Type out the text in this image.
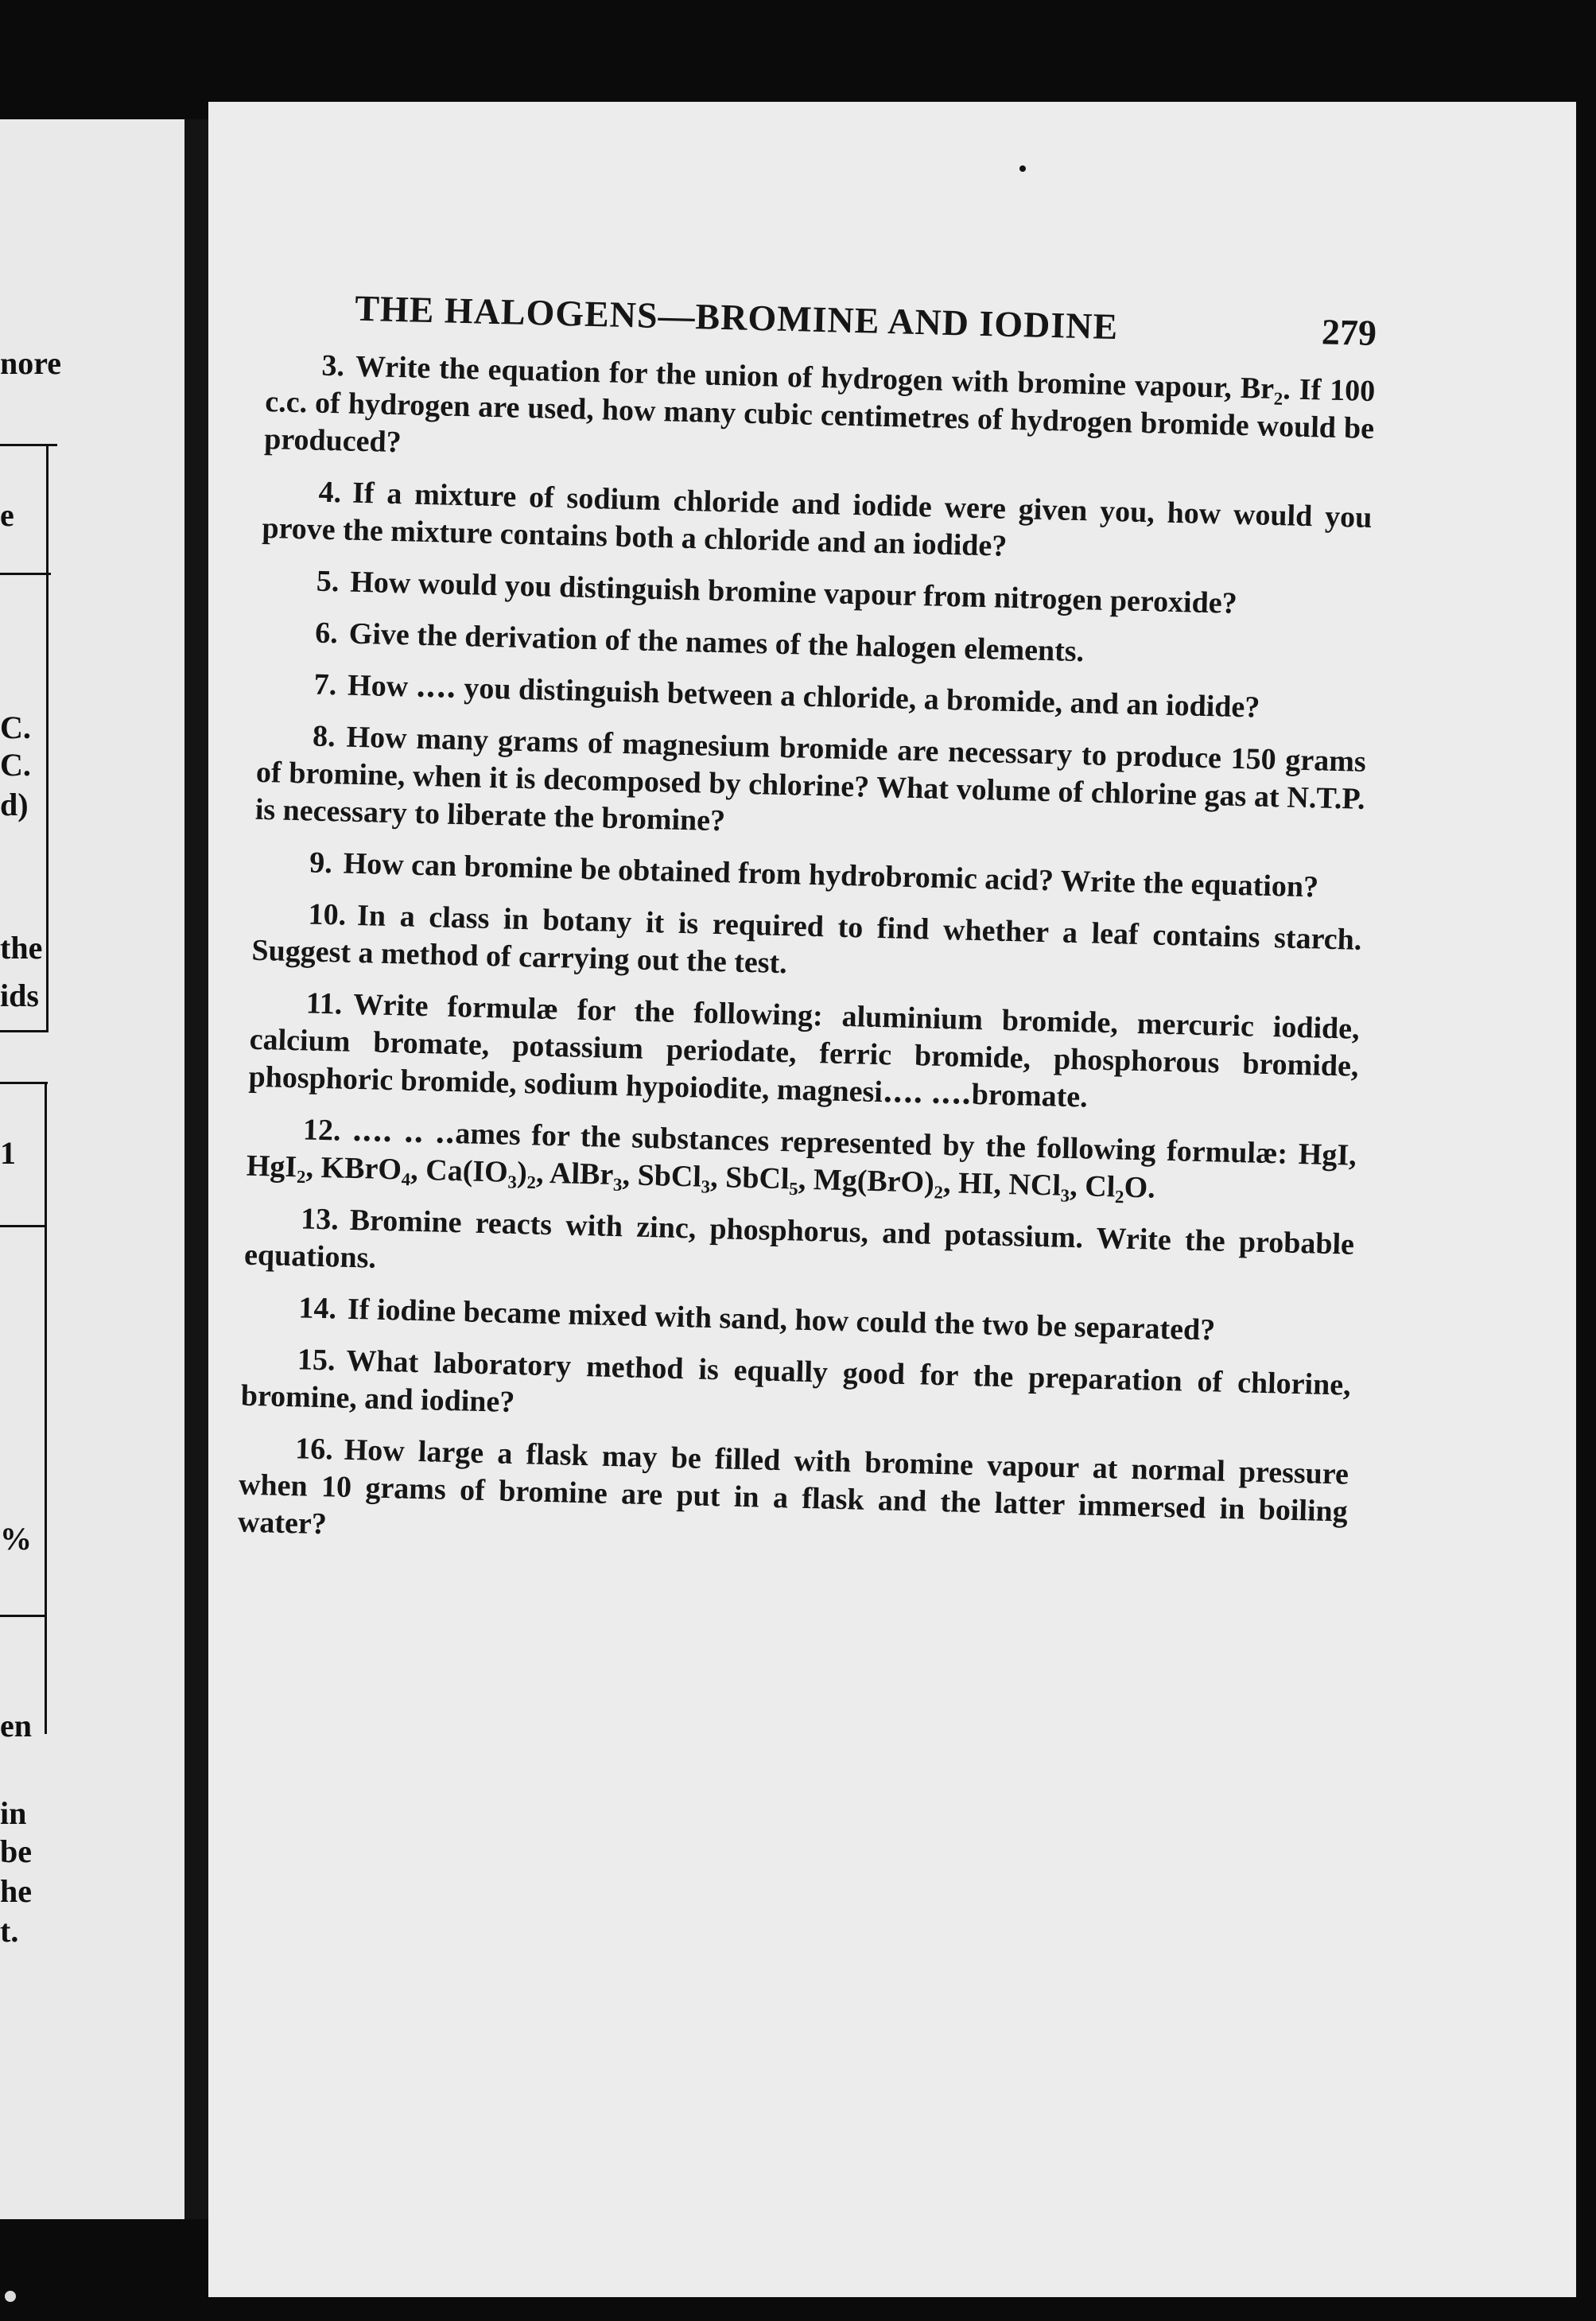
nore
e
C.
C.
d)
the
ids
1
%
en
in
be
he
t.
THE HALOGENS—BROMINE AND IODINE	279

3. Write the equation for the union of hydrogen with bromine vapour, Br₂. If 100 c.c. of hydrogen are used, how many cubic centimetres of hydrogen bromide would be produced?

4. If a mixture of sodium chloride and iodide were given you, how would you prove the mixture contains both a chloride and an iodide?

5. How would you distinguish bromine vapour from nitrogen peroxide?

6. Give the derivation of the names of the halogen elements.

7. How ‥‥ you distinguish between a chloride, a bromide, and an iodide?

8. How many grams of magnesium bromide are necessary to produce 150 grams of bromine, when it is decomposed by chlorine? What volume of chlorine gas at N.T.P. is necessary to liberate the bromine?

9. How can bromine be obtained from hydrobromic acid? Write the equation?

10. In a class in botany it is required to find whether a leaf contains starch. Suggest a method of carrying out the test.

11. Write formulæ for the following: aluminium bromide, mercuric iodide, calcium bromate, potassium periodate, ferric bromide, phosphorous bromide, phosphoric bromide, sodium hypoiodite, magnesi‥‥ ‥‥bromate.

12. ‥‥ ‥ ‥ames for the substances represented by the following formulæ: HgI, HgI₂, KBrO₄, Ca(IO₃)₂, AlBr₃, SbCl₃, SbCl₅, Mg(BrO)₂, HI, NCl₃, Cl₂O.

13. Bromine reacts with zinc, phosphorus, and potassium. Write the probable equations.

14. If iodine became mixed with sand, how could the two be separated?

15. What laboratory method is equally good for the preparation of chlorine, bromine, and iodine?

16. How large a flask may be filled with bromine vapour at normal pressure when 10 grams of bromine are put in a flask and the latter immersed in boiling water?
